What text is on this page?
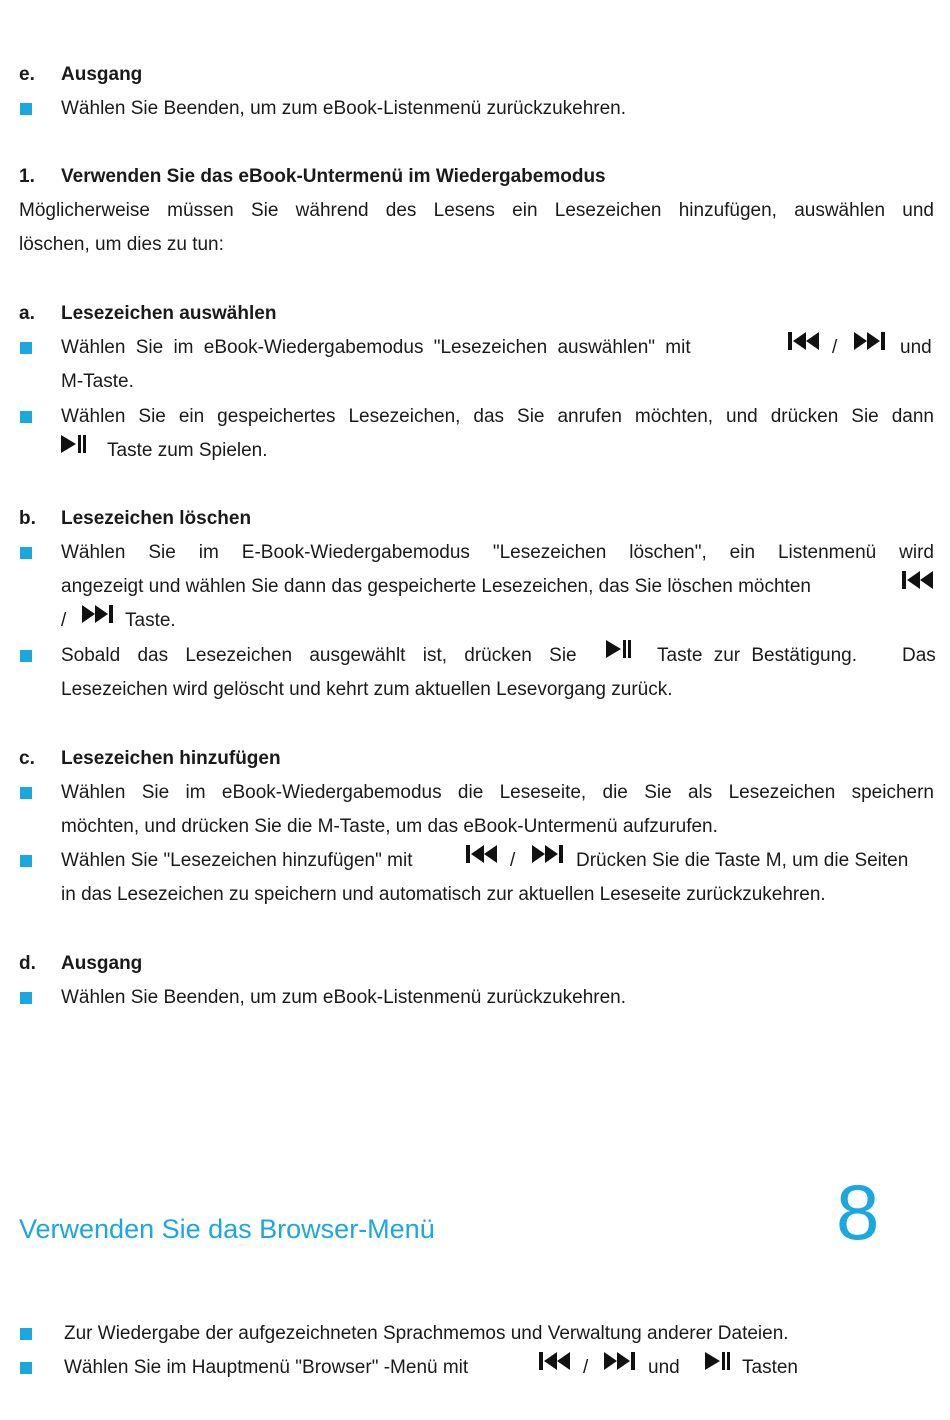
e. Ausgang
Wählen Sie Beenden, um zum eBook-Listenmenü zurückzukehren.
1. Verwenden Sie das eBook-Untermenü im Wiedergabemodus
Möglicherweise müssen Sie während des Lesens ein Lesezeichen hinzufügen, auswählen und
löschen, um dies zu tun:
a. Lesezeichen auswählen
Wählen Sie im eBook-Wiedergabemodus "Lesezeichen auswählen" mit	/	und
M-Taste.
Wählen Sie ein gespeichertes Lesezeichen, das Sie anrufen möchten, und drücken Sie dann
Taste zum Spielen.
b. Lesezeichen löschen
Wählen Sie im E-Book-Wiedergabemodus "Lesezeichen löschen", ein Listenmenü wird
angezeigt und wählen Sie dann das gespeicherte Lesezeichen, das Sie löschen möchten
/	Taste.
Sobald das Lesezeichen ausgewählt ist, drücken Sie	Taste zur Bestätigung. Das
Lesezeichen wird gelöscht und kehrt zum aktuellen Lesevorgang zurück.
c. Lesezeichen hinzufügen
Wählen Sie im eBook-Wiedergabemodus die Leseseite, die Sie als Lesezeichen speichern
möchten, und drücken Sie die M-Taste, um das eBook-Untermenü aufzurufen.
Wählen Sie "Lesezeichen hinzufügen" mit	/	Drücken Sie die Taste M, um die Seiten
in das Lesezeichen zu speichern und automatisch zur aktuellen Leseseite zurückzukehren.
d. Ausgang
Wählen Sie Beenden, um zum eBook-Listenmenü zurückzukehren.
Verwenden Sie das Browser-Menü	8
Zur Wiedergabe der aufgezeichneten Sprachmemos und Verwaltung anderer Dateien.
Wählen Sie im Hauptmenü "Browser" -Menü mit	/	und	Tasten
